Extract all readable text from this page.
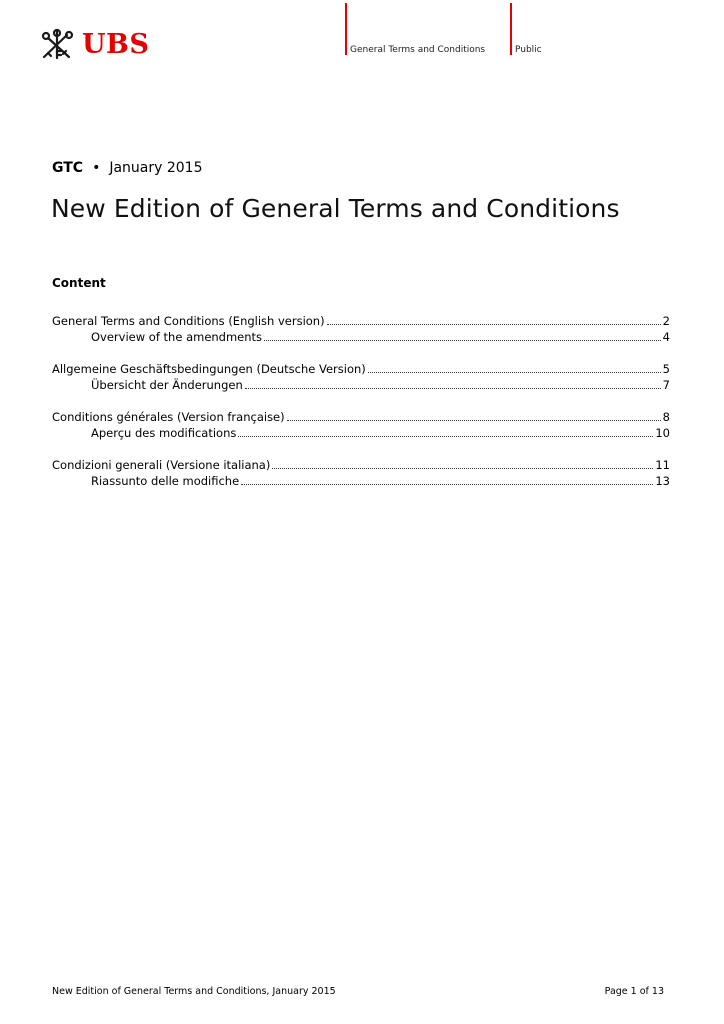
UBS	General Terms and Conditions	Public
GTC • January 2015
New Edition of General Terms and Conditions
Content
General Terms and Conditions (English version)	2
Overview of the amendments	4
Allgemeine Geschäftsbedingungen (Deutsche Version)	5
Übersicht der Änderungen	7
Conditions générales (Version française)	8
Aperçu des modifications	10
Condizioni generali (Versione italiana)	11
Riassunto delle modifiche	13
New Edition of General Terms and Conditions, January 2015	Page 1 of 13
